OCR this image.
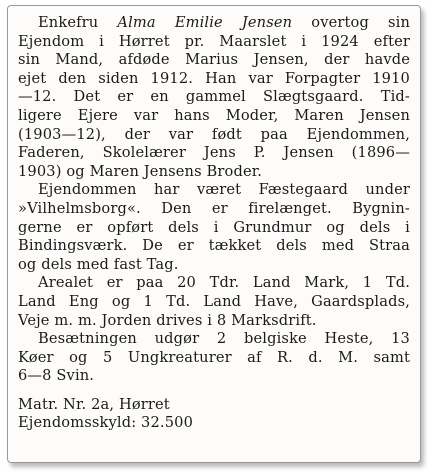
Enkefru Alma Emilie Jensen overtog sin
Ejendom i Hørret pr. Maarslet i 1924 efter
sin Mand, afdøde Marius Jensen, der havde
ejet den siden 1912. Han var Forpagter 1910
—12. Det er en gammel Slægtsgaard. Tid-
ligere Ejere var hans Moder, Maren Jensen
(1903—12), der var født paa Ejendommen,
Faderen, Skolelærer Jens P. Jensen (1896—
1903) og Maren Jensens Broder.
Ejendommen har været Fæstegaard under
»Vilhelmsborg«. Den er firelænget. Bygnin-
gerne er opført dels i Grundmur og dels i
Bindingsværk. De er tækket dels med Straa
og dels med fast Tag.
Arealet er paa 20 Tdr. Land Mark, 1 Td.
Land Eng og 1 Td. Land Have, Gaardsplads,
Veje m. m. Jorden drives i 8 Marksdrift.
Besætningen udgør 2 belgiske Heste, 13
Køer og 5 Ungkreaturer af R. d. M. samt
6—8 Svin.
Matr. Nr. 2a, Hørret
Ejendomsskyld: 32.500
